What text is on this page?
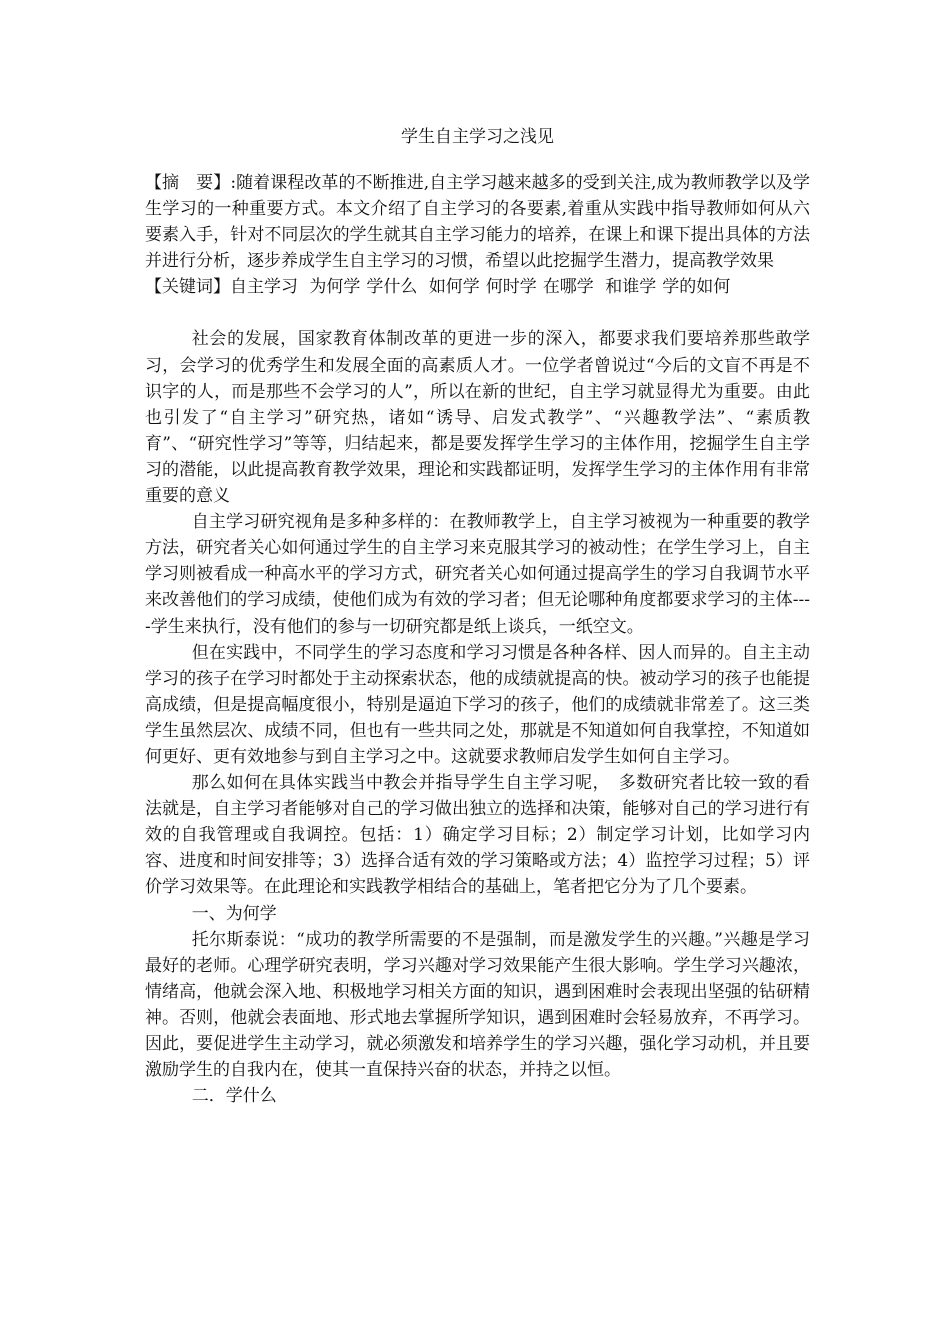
学生自主学习之浅见

【摘　要】:随着课程改革的不断推进,自主学习越来越多的受到关注,成为教师教学以及学生学习的一种重要方式。本文介绍了自主学习的各要素,着重从实践中指导教师如何从六要素入手，针对不同层次的学生就其自主学习能力的培养，在课上和课下提出具体的方法并进行分析，逐步养成学生自主学习的习惯，希望以此挖掘学生潜力，提高教学效果

【关键词】自主学习 为何学 学什么 如何学 何时学 在哪学 和谁学 学的如何

社会的发展，国家教育体制改革的更进一步的深入，都要求我们要培养那些敢学习，会学习的优秀学生和发展全面的高素质人才。一位学者曾说过“今后的文盲不再是不识字的人，而是那些不会学习的人”，所以在新的世纪，自主学习就显得尤为重要。由此也引发了“自主学习”研究热，诸如“诱导、启发式教学”、“兴趣教学法”、“素质教育”、“研究性学习”等等，归结起来，都是要发挥学生学习的主体作用，挖掘学生自主学习的潜能，以此提高教育教学效果，理论和实践都证明，发挥学生学习的主体作用有非常重要的意义

自主学习研究视角是多种多样的：在教师教学上，自主学习被视为一种重要的教学方法，研究者关心如何通过学生的自主学习来克服其学习的被动性；在学生学习上，自主学习则被看成一种高水平的学习方式，研究者关心如何通过提高学生的学习自我调节水平来改善他们的学习成绩，使他们成为有效的学习者；但无论哪种角度都要求学习的主体----学生来执行，没有他们的参与一切研究都是纸上谈兵，一纸空文。

但在实践中，不同学生的学习态度和学习习惯是各种各样、因人而异的。自主主动学习的孩子在学习时都处于主动探索状态，他的成绩就提高的快。被动学习的孩子也能提高成绩，但是提高幅度很小，特别是逼迫下学习的孩子，他们的成绩就非常差了。这三类学生虽然层次、成绩不同，但也有一些共同之处，那就是不知道如何自我掌控，不知道如何更好、更有效地参与到自主学习之中。这就要求教师启发学生如何自主学习。

那么如何在具体实践当中教会并指导学生自主学习呢，　多数研究者比较一致的看法就是，自主学习者能够对自己的学习做出独立的选择和决策，能够对自己的学习进行有效的自我管理或自我调控。包括：1）确定学习目标；2）制定学习计划，比如学习内容、进度和时间安排等；3）选择合适有效的学习策略或方法；4）监控学习过程；5）评价学习效果等。在此理论和实践教学相结合的基础上，笔者把它分为了几个要素。

一、为何学

托尔斯泰说：“成功的教学所需要的不是强制，而是激发学生的兴趣。”兴趣是学习最好的老师。心理学研究表明，学习兴趣对学习效果能产生很大影响。学生学习兴趣浓，情绪高，他就会深入地、积极地学习相关方面的知识，遇到困难时会表现出坚强的钻研精神。否则，他就会表面地、形式地去掌握所学知识，遇到困难时会轻易放弃，不再学习。因此，要促进学生主动学习，就必须激发和培养学生的学习兴趣，强化学习动机，并且要激励学生的自我内在，使其一直保持兴奋的状态，并持之以恒。

二．学什么
